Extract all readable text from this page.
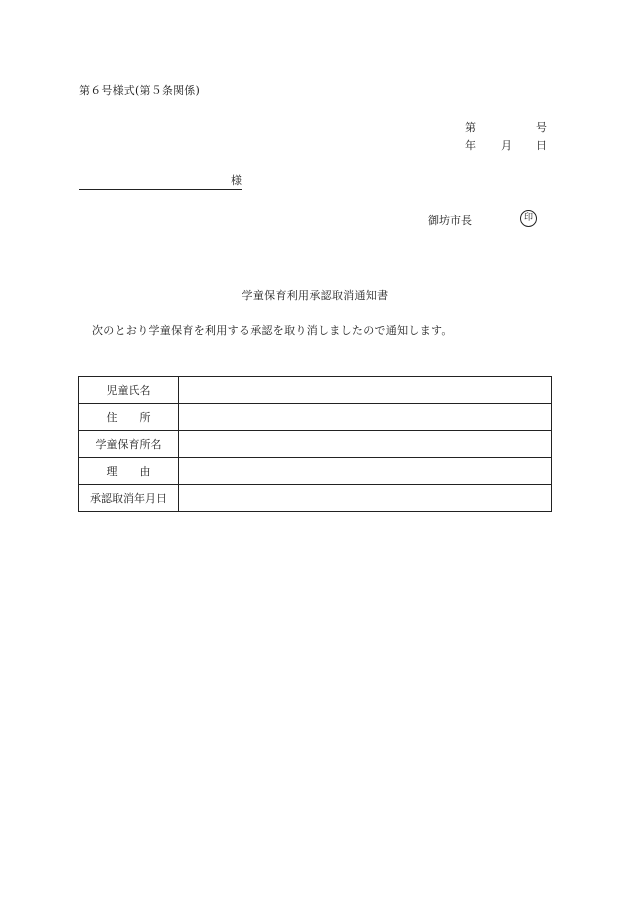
第６号様式(第５条関係)
第	号
年 月 日
様
御坊市長	印
学童保育利用承認取消通知書
次のとおり学童保育を利用する承認を取り消しましたので通知します。
児童氏名	
住　　所	
学童保育所名	
理　　由	
承認取消年月日	
